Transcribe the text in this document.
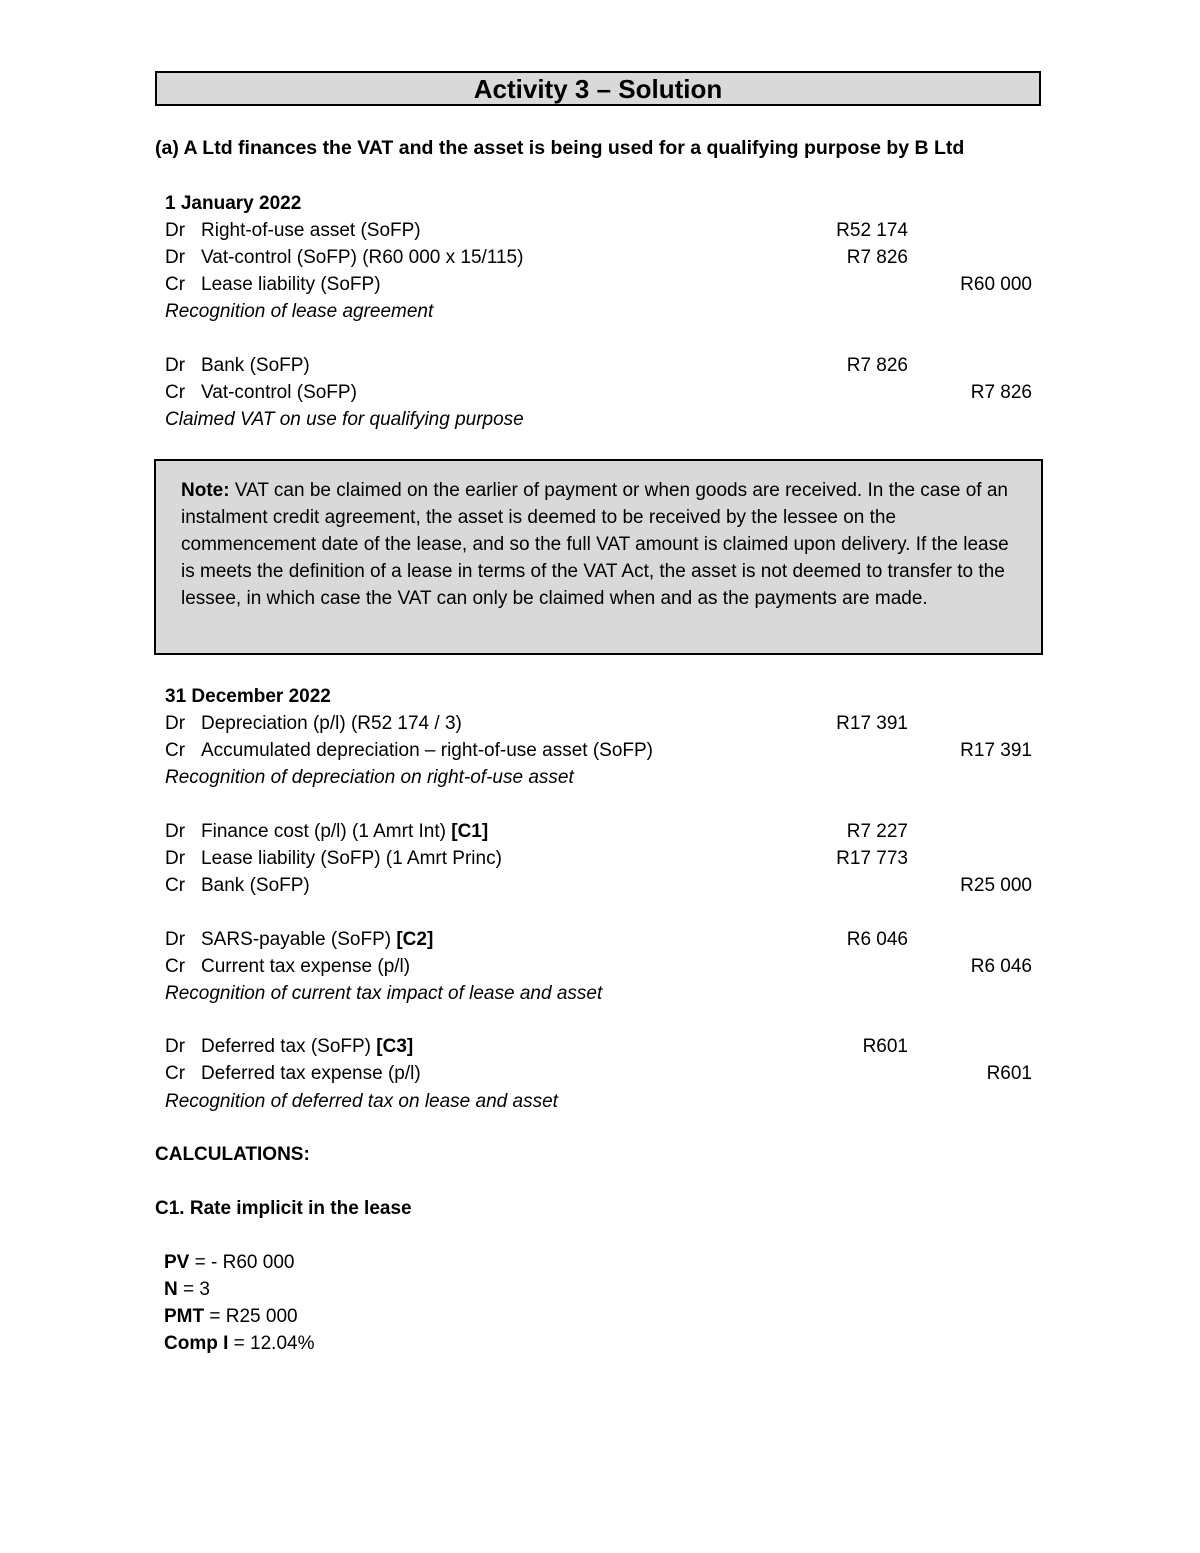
Activity 3 – Solution
(a) A Ltd finances the VAT and the asset is being used for a qualifying purpose by B Ltd
1 January 2022
Dr Right-of-use asset (SoFP)	R52 174
Dr Vat-control (SoFP) (R60 000 x 15/115)	R7 826
Cr Lease liability (SoFP)	R60 000
Recognition of lease agreement
Dr Bank (SoFP)	R7 826
Cr Vat-control (SoFP)	R7 826
Claimed VAT on use for qualifying purpose
Note: VAT can be claimed on the earlier of payment or when goods are received. In the case of an instalment credit agreement, the asset is deemed to be received by the lessee on the commencement date of the lease, and so the full VAT amount is claimed upon delivery. If the lease is meets the definition of a lease in terms of the VAT Act, the asset is not deemed to transfer to the lessee, in which case the VAT can only be claimed when and as the payments are made.
31 December 2022
Dr Depreciation (p/l) (R52 174 / 3)	R17 391
Cr Accumulated depreciation – right-of-use asset (SoFP)	R17 391
Recognition of depreciation on right-of-use asset
Dr Finance cost (p/l) (1 Amrt Int) [C1]	R7 227
Dr Lease liability (SoFP) (1 Amrt Princ)	R17 773
Cr Bank (SoFP)	R25 000
Dr SARS-payable (SoFP) [C2]	R6 046
Cr Current tax expense (p/l)	R6 046
Recognition of current tax impact of lease and asset
Dr Deferred tax (SoFP) [C3]	R601
Cr Deferred tax expense (p/l)	R601
Recognition of deferred tax on lease and asset
CALCULATIONS:
C1. Rate implicit in the lease
PV = - R60 000
N = 3
PMT = R25 000
Comp I = 12.04%
